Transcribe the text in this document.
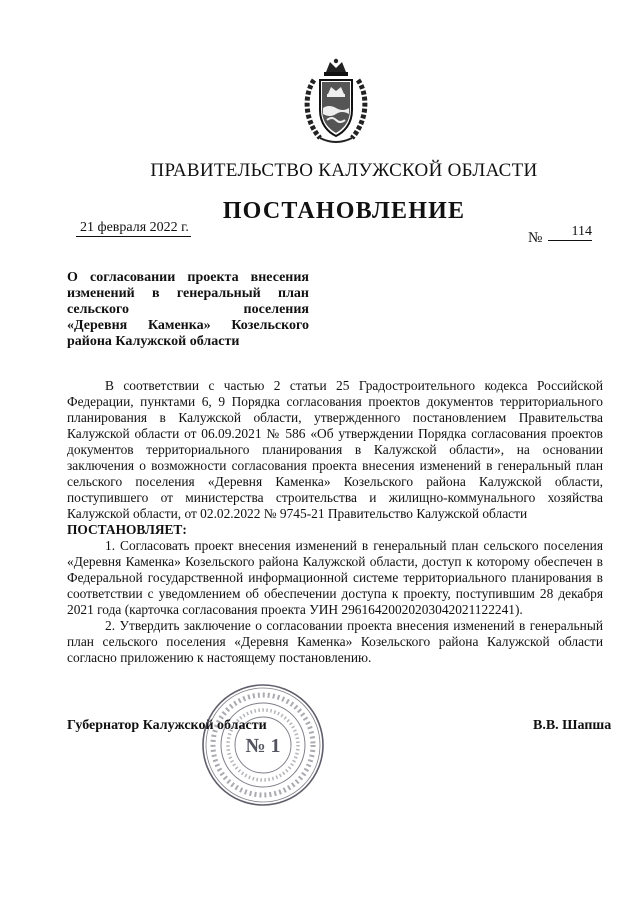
ПРАВИТЕЛЬСТВО КАЛУЖСКОЙ ОБЛАСТИ
ПОСТАНОВЛЕНИЕ
21 февраля 2022 г.
№	114
О согласовании проекта внесения
изменений в генеральный план
сельского поселения
«Деревня Каменка» Козельского
района Калужской области

В соответствии с частью 2 статьи 25 Градостроительного кодекса Российской Федерации, пунктами 6, 9 Порядка согласования проектов документов территориального планирования в Калужской области, утвержденного постановлением Правительства Калужской области от 06.09.2021 № 586 «Об утверждении Порядка согласования проектов документов территориального планирования в Калужской области», на основании заключения о возможности согласования проекта внесения изменений в генеральный план сельского поселения «Деревня Каменка» Козельского района Калужской области, поступившего от министерства строительства и жилищно-коммунального хозяйства Калужской области, от 02.02.2022 № 9745-21 Правительство Калужской области

ПОСТАНОВЛЯЕТ:

1. Согласовать проект внесения изменений в генеральный план сельского поселения «Деревня Каменка» Козельского района Калужской области, доступ к которому обеспечен в Федеральной государственной информационной системе территориального планирования в соответствии с уведомлением об обеспечении доступа к проекту, поступившим 28 декабря 2021 года (карточка согласования проекта УИН 29616420020203042021122241).

2. Утвердить заключение о согласовании проекта внесения изменений в генеральный план сельского поселения «Деревня Каменка» Козельского района Калужской области согласно приложению к настоящему постановлению.

Губернатор Калужской области	В.В. Шапша
№ 1
